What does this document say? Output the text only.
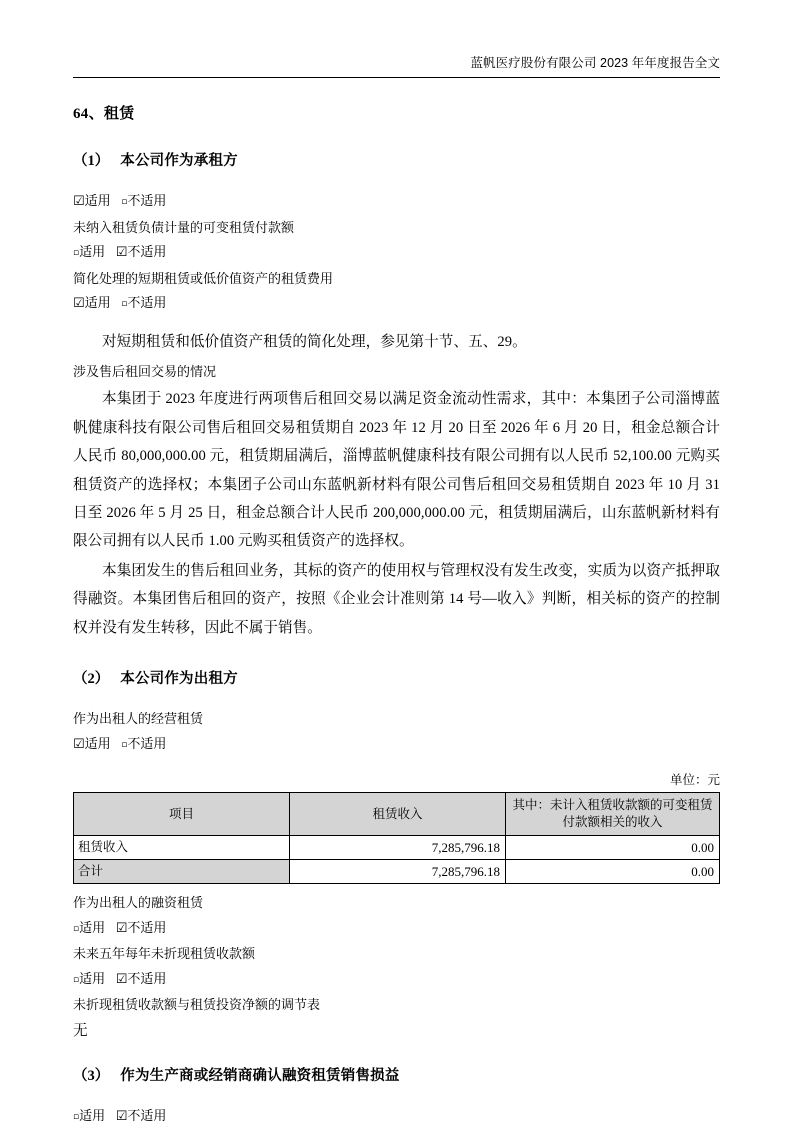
蓝帆医疗股份有限公司 2023 年年度报告全文
64、租赁
（1） 本公司作为承租方
☑适用 ▫不适用
未纳入租赁负债计量的可变租赁付款额
▫适用 ☑不适用
简化处理的短期租赁或低价值资产的租赁费用
☑适用 ▫不适用

对短期租赁和低价值资产租赁的简化处理，参见第十节、五、29。

涉及售后租回交易的情况

本集团于 2023 年度进行两项售后租回交易以满足资金流动性需求，其中：本集团子公司淄博蓝帆健康科技有限公司售后租回交易租赁期自 2023 年 12 月 20 日至 2026 年 6 月 20 日，租金总额合计人民币 80,000,000.00 元，租赁期届满后，淄博蓝帆健康科技有限公司拥有以人民币 52,100.00 元购买租赁资产的选择权；本集团子公司山东蓝帆新材料有限公司售后租回交易租赁期自 2023 年 10 月 31 日至 2026 年 5 月 25 日，租金总额合计人民币 200,000,000.00 元，租赁期届满后，山东蓝帆新材料有限公司拥有以人民币 1.00 元购买租赁资产的选择权。

本集团发生的售后租回业务，其标的资产的使用权与管理权没有发生改变，实质为以资产抵押取得融资。本集团售后租回的资产，按照《企业会计准则第 14 号—收入》判断，相关标的资产的控制权并没有发生转移，因此不属于销售。

（2） 本公司作为出租方
作为出租人的经营租赁
☑适用 ▫不适用
单位：元
项目	租赁收入	其中：未计入租赁收款额的可变租赁付款额相关的收入
租赁收入	7,285,796.18	0.00
合计	7,285,796.18	0.00
作为出租人的融资租赁
▫适用 ☑不适用
未来五年每年未折现租赁收款额
▫适用 ☑不适用
未折现租赁收款额与租赁投资净额的调节表
无
（3） 作为生产商或经销商确认融资租赁销售损益
▫适用 ☑不适用
